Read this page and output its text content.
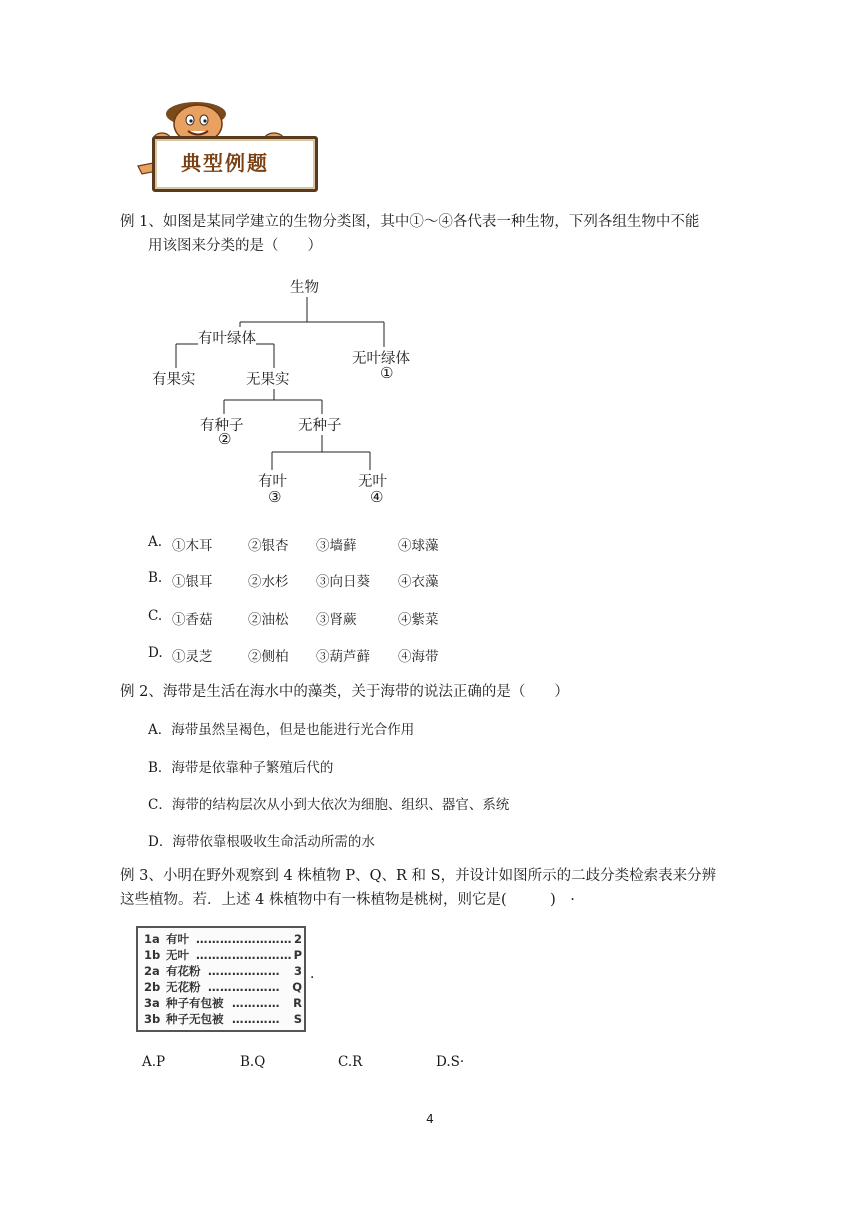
典型例题
例 1、如图是某同学建立的生物分类图，其中①～④各代表一种生物，下列各组生物中不能
用该图来分类的是（　　）
生物
有叶绿体
无叶绿体
①
有果实	无果实
有种子
②
无种子
有叶
③
无叶
④
A. ①木耳	②银杏 ③墙藓	④球藻
B. ①银耳	②水杉 ③向日葵 ④衣藻
C. ①香菇	②油松 ③肾蕨	④紫菜
D. ①灵芝	②侧柏 ③葫芦藓 ④海带
例 2、海带是生活在海水中的藻类，关于海带的说法正确的是（　　）
A．海带虽然呈褐色，但是也能进行光合作用
B．海带是依靠种子繁殖后代的
C．海带的结构层次从小到大依次为细胞、组织、器官、系统
D．海带依靠根吸收生命活动所需的水
例 3、小明在野外观察到 4 株植物 P、Q、R 和 S，并设计如图所示的二歧分类检索表来分辨
这些植物。若．上述 4 株植物中有一株植物是桃树，则它是(　　　)　·
1a 有叶 …………………… 2
1b 无叶 …………………… P
2a 有花粉 ………………	3
2b 无花粉 ………………	Q
3a 种子有包被 …………	R
3b 种子无包被 …………	S
.
A.P	B.Q	C.R	D.S·
4
